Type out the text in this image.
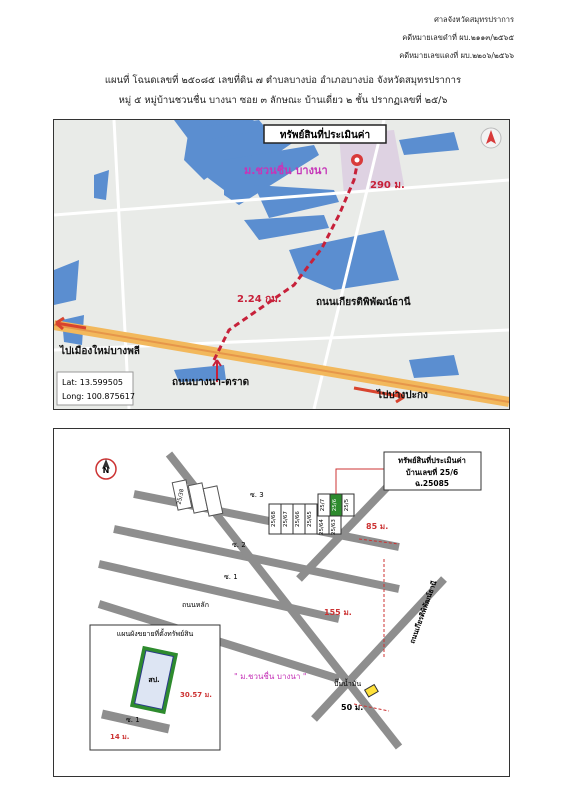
ศาลจังหวัดสมุทรปราการ
คดีหมายเลขดำที่ ผบ.๒๑๑๓/๒๕๖๕
คดีหมายเลขแดงที่ ผบ.๒๒๐๖/๒๕๖๖
แผนที่ โฉนดเลขที่ ๒๕๐๘๕ เลขที่ดิน ๗ ตำบลบางบ่อ อำเภอบางบ่อ จังหวัดสมุทรปราการ
หมู่ ๕ หมู่บ้านชวนชื่น บางนา ซอย ๓ ลักษณะ บ้านเดี่ยว ๒ ชั้น ปรากฏเลขที่ ๒๕/๖
ทรัพย์สินที่ประเมินค่า
ม.ชวนชื่น บางนา
290 ม.
2.24 กม.	ถนนเกียรติพิพัฒน์ธานี
ถนนบางนา-ตราด
ไปเมืองใหม่บางพลี
ไปบางปะกง
Lat: 13.599505
Long: 100.875617
N
25/38
25/68 25/67 25/66 25/65
25/64 25/63
25/7 25/6 25/5
ทรัพย์สินที่ประเมินค่า
บ้านเลขที่ 25/6
ฉ.25085
ซ. 3
ซ. 2
ซ. 1
ถนนหลัก
85 ม.
155 ม.
50 ม.
" ม.ชวนชื่น บางนา "
ถนนเกียรติพิพัฒน์ธานี
ปั๊มน้ำมัน
แผนผังขยายที่ตั้งทรัพย์สิน
สป.
ซ. 1
30.57 ม.
14 ม.
